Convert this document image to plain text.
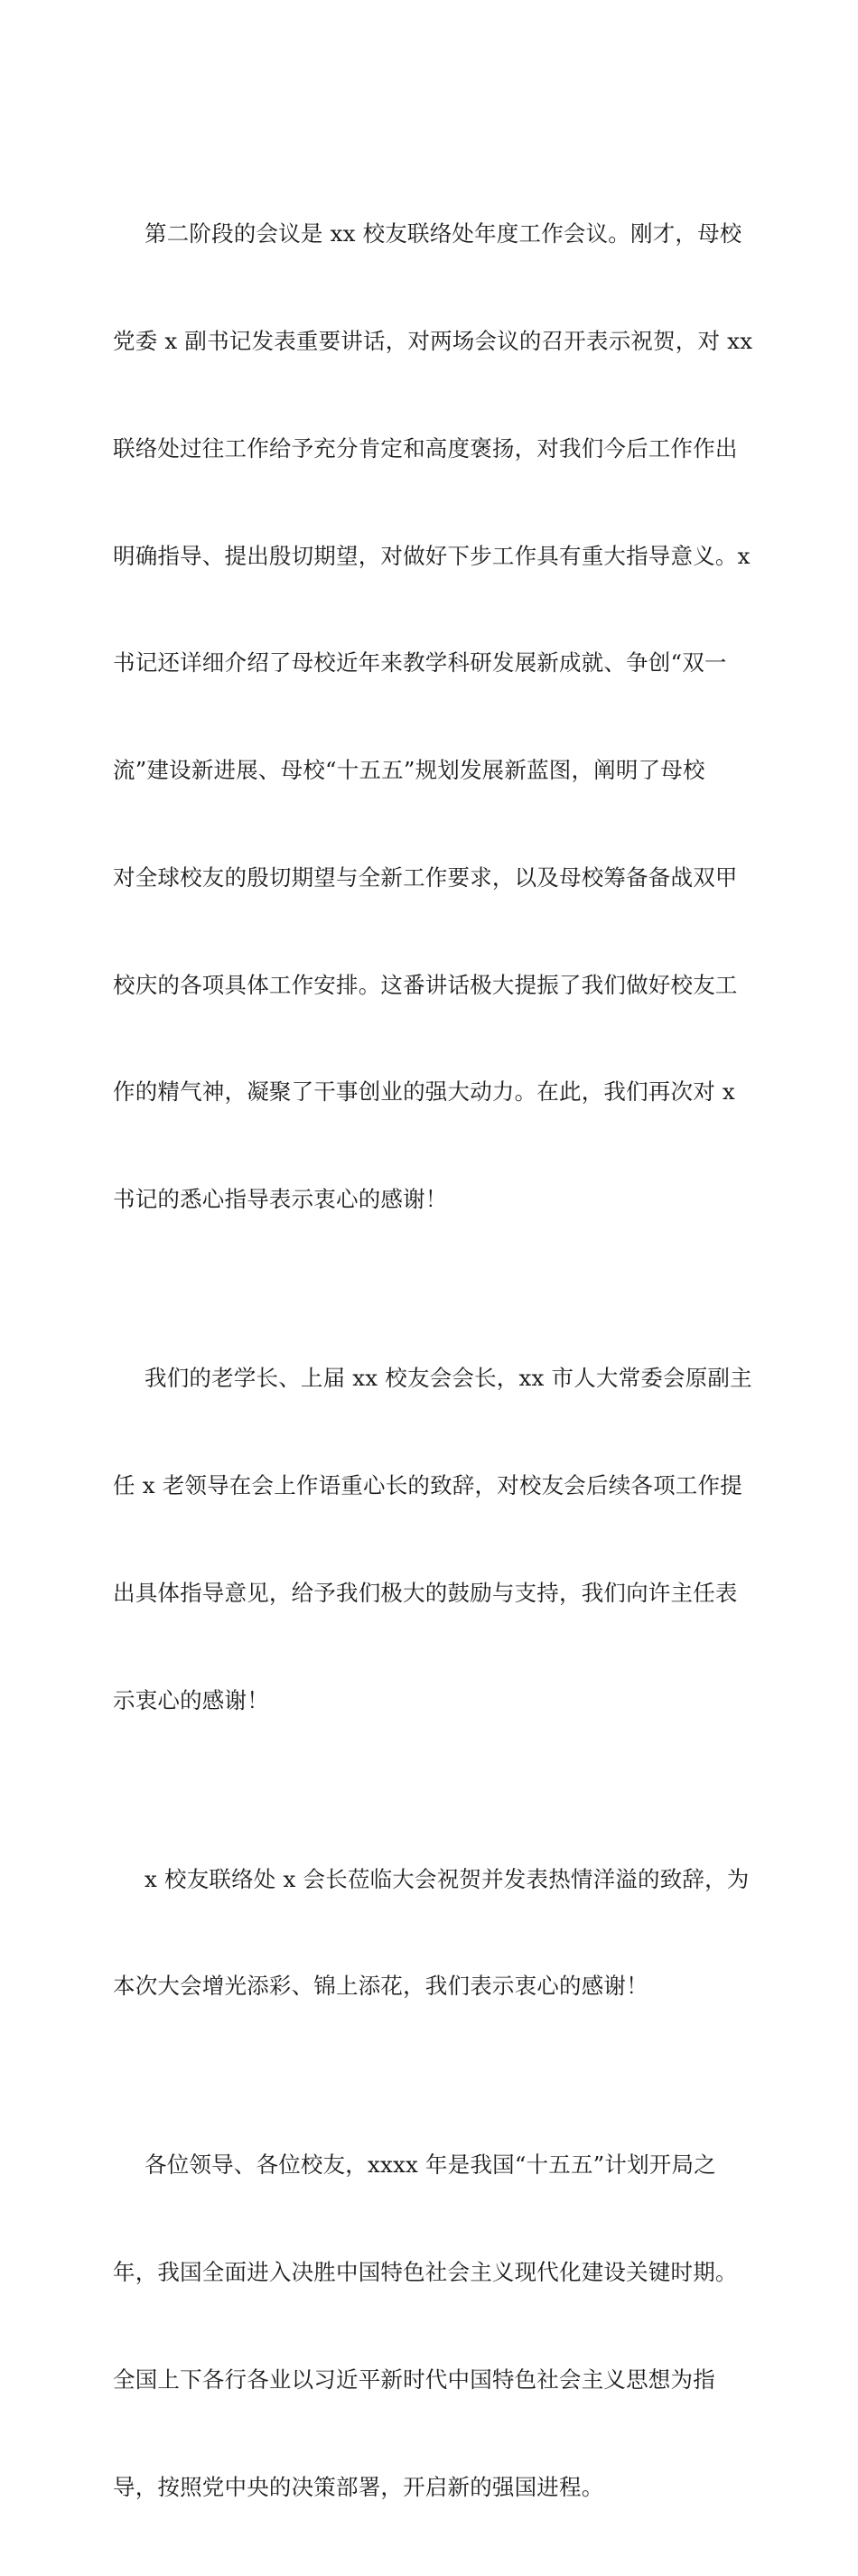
第二阶段的会议是 xx 校友联络处年度工作会议。刚才，母校

党委 x 副书记发表重要讲话，对两场会议的召开表示祝贺，对 xx

联络处过往工作给予充分肯定和高度褒扬，对我们今后工作作出

明确指导、提出殷切期望，对做好下步工作具有重大指导意义。x

书记还详细介绍了母校近年来教学科研发展新成就、争创“双一

流”建设新进展、母校“十五五”规划发展新蓝图，阐明了母校

对全球校友的殷切期望与全新工作要求，以及母校筹备备战双甲

校庆的各项具体工作安排。这番讲话极大提振了我们做好校友工

作的精气神，凝聚了干事创业的强大动力。在此，我们再次对 x

书记的悉心指导表示衷心的感谢！

我们的老学长、上届 xx 校友会会长，xx 市人大常委会原副主

任 x 老领导在会上作语重心长的致辞，对校友会后续各项工作提

出具体指导意见，给予我们极大的鼓励与支持，我们向许主任表

示衷心的感谢！

x 校友联络处 x 会长莅临大会祝贺并发表热情洋溢的致辞，为

本次大会增光添彩、锦上添花，我们表示衷心的感谢！

各位领导、各位校友，xxxx 年是我国“十五五”计划开局之

年，我国全面进入决胜中国特色社会主义现代化建设关键时期。

全国上下各行各业以习近平新时代中国特色社会主义思想为指

导，按照党中央的决策部署，开启新的强国进程。
